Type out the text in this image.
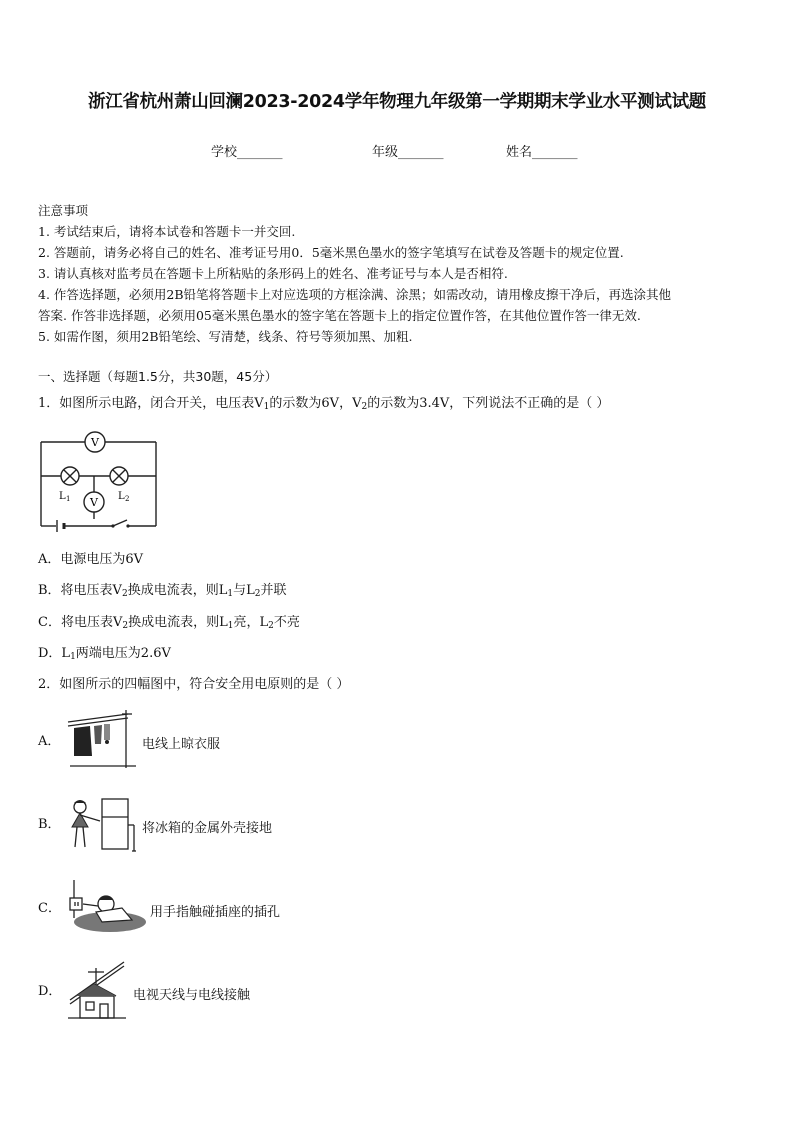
浙江省杭州萧山回澜2023-2024学年物理九年级第一学期期末学业水平测试试题
学校_______	年级_______	姓名_______
注意事项
1. 考试结束后，请将本试卷和答题卡一并交回.
2. 答题前，请务必将自己的姓名、准考证号用0．5毫米黑色墨水的签字笔填写在试卷及答题卡的规定位置.
3. 请认真核对监考员在答题卡上所粘贴的条形码上的姓名、准考证号与本人是否相符.
4. 作答选择题，必须用2B铅笔将答题卡上对应选项的方框涂满、涂黑；如需改动，请用橡皮擦干净后，再选涂其他
答案. 作答非选择题，必须用05毫米黑色墨水的签字笔在答题卡上的指定位置作答，在其他位置作答一律无效.
5. 如需作图，须用2B铅笔绘、写清楚，线条、符号等须加黑、加粗.
一、选择题（每题1.5分，共30题，45分）
1．如图所示电路，闭合开关，电压表$V_1$的示数为6V，$V_2$的示数为3.4V，下列说法不正确的是（ ）
V
V
L 1	L 2
A．电源电压为6V
B．将电压表$V_2$换成电流表，则$L_1$与$L_2$并联
C．将电压表$V_2$换成电流表，则$L_1$亮，$L_2$不亮
D．$L_1$两端电压为2.6V
2．如图所示的四幅图中，符合安全用电原则的是（ ）
A．	电线上晾衣服
B．	将冰箱的金属外壳接地
C．	用手指触碰插座的插孔
D．	电视天线与电线接触
